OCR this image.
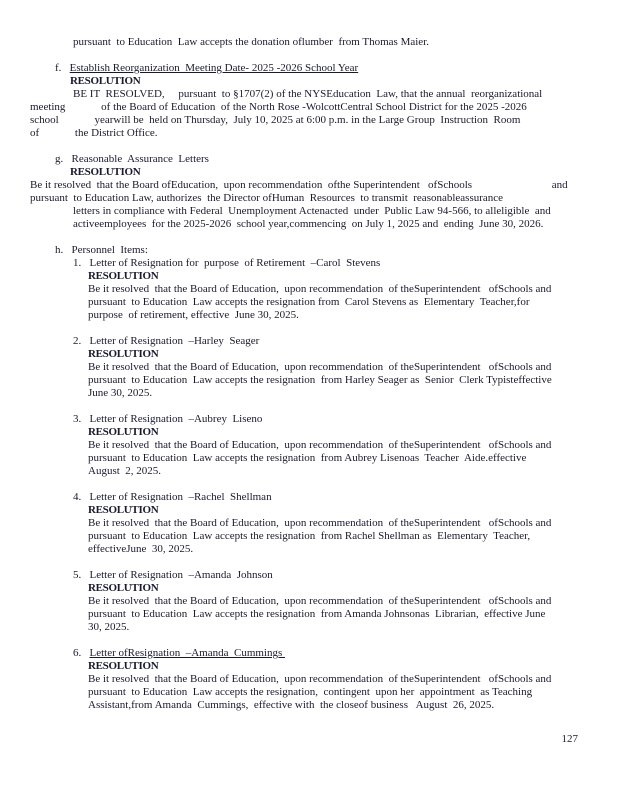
pursuant  to Education  Law accepts the donation oflumber  from Thomas Maier.

f.   Establish Reorganization  Meeting Date- 2025 -2026 School Year
RESOLUTION
BE IT  RESOLVED,     pursuant  to §1707(2) of the NYSEducation  Law, that the annual  reorganizational
meeting             of the Board of Education  of the North Rose -WolcottCentral School District for the 2025 -2026
school             yearwill be  held on Thursday,  July 10, 2025 at 6:00 p.m. in the Large Group  Instruction  Room
of             the District Office.

g.   Reasonable  Assurance  Letters
RESOLUTION
Be it resolved  that the Board ofEducation,  upon recommendation  ofthe Superintendent   ofSchools                             and
pursuant  to Education Law, authorizes  the Director ofHuman  Resources  to transmit  reasonableassurance
letters in compliance with Federal  Unemployment Actenacted  under  Public Law 94-566, to alleligible  and
activeemployees  for the 2025-2026  school year,commencing  on July 1, 2025 and  ending  June 30, 2026.

h.   Personnel  Items:
1.   Letter of Resignation for  purpose  of Retirement  –Carol  Stevens
RESOLUTION
Be it resolved  that the Board of Education,  upon recommendation  of theSuperintendent   ofSchools and
pursuant  to Education  Law accepts the resignation from  Carol Stevens as  Elementary  Teacher,for
purpose  of retirement, effective  June 30, 2025.

2.   Letter of Resignation  –Harley  Seager
RESOLUTION
Be it resolved  that the Board of Education,  upon recommendation  of theSuperintendent   ofSchools and
pursuant  to Education  Law accepts the resignation  from Harley Seager as  Senior  Clerk Typisteffective
June 30, 2025.

3.   Letter of Resignation  –Aubrey  Liseno
RESOLUTION
Be it resolved  that the Board of Education,  upon recommendation  of theSuperintendent   ofSchools and
pursuant  to Education  Law accepts the resignation  from Aubrey Lisenoas  Teacher  Aide.effective
August  2, 2025.

4.   Letter of Resignation  –Rachel  Shellman
RESOLUTION
Be it resolved  that the Board of Education,  upon recommendation  of theSuperintendent   ofSchools and
pursuant  to Education  Law accepts the resignation  from Rachel Shellman as  Elementary  Teacher,
effectiveJune  30, 2025.

5.   Letter of Resignation  –Amanda  Johnson
RESOLUTION
Be it resolved  that the Board of Education,  upon recommendation  of theSuperintendent   ofSchools and
pursuant  to Education  Law accepts the resignation  from Amanda Johnsonas  Librarian,  effective June
30, 2025.

6.   Letter ofResignation  –Amanda  Cummings
RESOLUTION
Be it resolved  that the Board of Education,  upon recommendation  of theSuperintendent   ofSchools and
pursuant  to Education  Law accepts the resignation,  contingent  upon her  appointment  as Teaching
Assistant,from Amanda  Cummings,  effective with  the closeof business   August  26, 2025.
127
